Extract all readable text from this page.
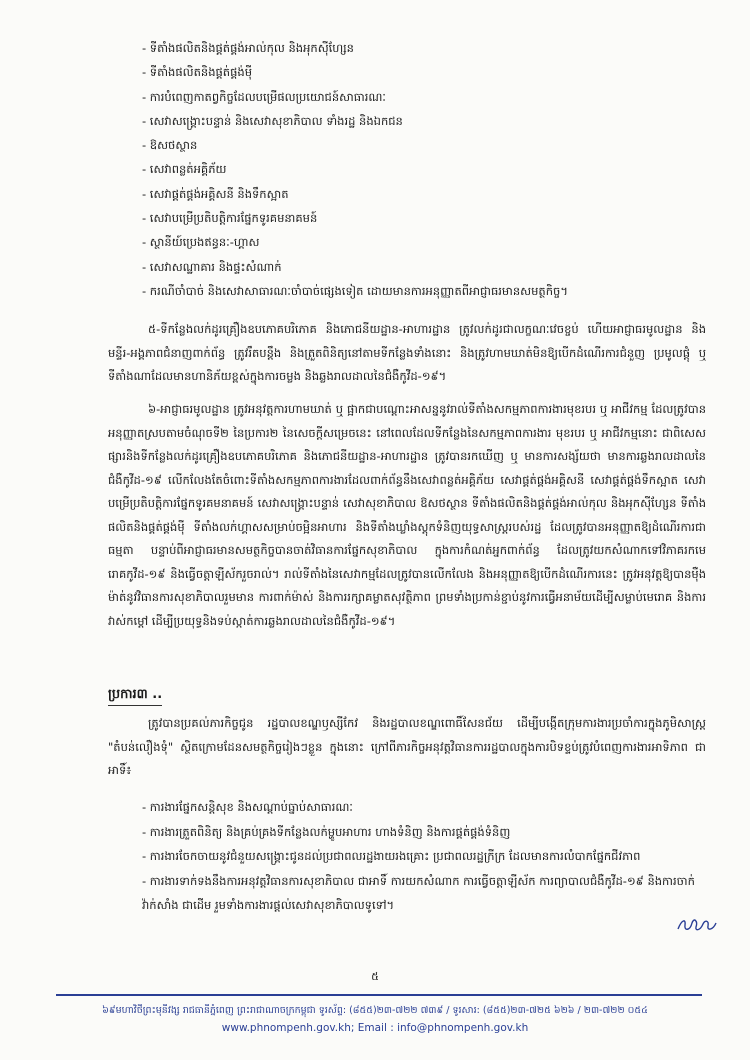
- ទីតាំងផលិតនិងផ្គត់ផ្គង់អាល់កុល និងអុកស៊ីហ្សែន
- ទីតាំងផលិតនិងផ្គត់ផ្គង់ម៉ី
- ការបំពេញកាតព្វកិច្ចដែលបម្រើផលប្រយោជន៍សាធារណៈ
- សេវាសង្គ្រោះបន្ទាន់ និងសេវាសុខាភិបាល ទាំងរដ្ឋ និងឯកជន
- ឱសថស្ថាន
- សេវាពន្លត់អគ្គិភ័យ
- សេវាផ្គត់ផ្គង់អគ្គិសនី និងទឹកស្អាត
- សេវាបម្រើប្រតិបត្តិការផ្នែកទូរគមនាគមន៍
- ស្ថានីយ៍ប្រេងឥន្ធនៈ-ហ្គាស
- សេវាសណ្ឋាគារ និងផ្ទះសំណាក់
- ករណីចាំបាច់ និងសេវាសាធារណៈចាំបាច់ផ្សេងទៀត ដោយមានការអនុញ្ញាតពីអាជ្ញាធរមានសមត្ថកិច្ច។
៥-ទីកន្លែងលក់ដូរគ្រឿងឧបភោគបរិភោគ និងភោជនីយដ្ឋាន-អាហារដ្ឋាន ត្រូវលក់ដូរជាលក្ខណៈវេចខ្ចប់ ហើយអាជ្ញាធរមូលដ្ឋាន និងមន្ទីរ-អង្គភាពជំនាញពាក់ព័ន្ធ ត្រូវរឹតបន្តឹង និងត្រួតពិនិត្យនៅតាមទីកន្លែងទាំងនោះ និងត្រូវហាមឃាត់មិនឱ្យបើកដំណើរការជំនួញ ប្រមូលផ្តុំ ឬ ទីតាំងណាដែលមានហានិភ័យខ្ពស់ក្នុងការចម្លង និងឆ្លងរាលដាលនៃជំងឺកូវីដ-១៩។
៦-អាជ្ញាធរមូលដ្ឋាន ត្រូវអនុវត្តការហាមឃាត់ ឬ ផ្អាកជាបណ្តោះអាសន្ននូវរាល់ទីតាំងសកម្មភាពការងារមុខរបរ ឬ អាជីវកម្ម ដែលត្រូវបានអនុញ្ញាតស្របតាមចំណុចទី២ នៃប្រការ២ នៃសេចក្តីសម្រេចនេះ នៅពេលដែលទីកន្លែងនៃសកម្មភាពការងារ មុខរបរ ឬ អាជីវកម្មនោះ ជាពិសេសផ្សារនិងទីកន្លែងលក់ដូរគ្រឿងឧបភោគបរិភោគ និងភោជនីយដ្ឋាន-អាហារដ្ឋាន ត្រូវបានរកឃើញ ឬ មានការសង្ស័យថា មានការឆ្លងរាលដាលនៃជំងឺកូវីដ-១៩ លើកលែងតែចំពោះទីតាំងសកម្មភាពការងារដែលពាក់ព័ន្ធនឹងសេវាពន្លត់អគ្គិភ័យ សេវាផ្គត់ផ្គង់អគ្គិសនី សេវាផ្គត់ផ្គង់ទឹកស្អាត សេវាបម្រើប្រតិបត្តិការផ្នែកទូរគមនាគមន៍ សេវាសង្គ្រោះបន្ទាន់ សេវាសុខាភិបាល ឱសថស្ថាន ទីតាំងផលិតនិងផ្គត់ផ្គង់អាល់កុល និងអុកស៊ីហ្សែន ទីតាំងផលិតនិងផ្គត់ផ្គង់ម៉ី ទីតាំងលក់ហ្គាសសម្រាប់ចម្អិនអាហារ និងទីតាំងឃ្លាំងស្តុកទំនិញយុទ្ធសាស្ត្ររបស់រដ្ឋ ដែលត្រូវបានអនុញ្ញាតឱ្យដំណើរការជាធម្មតា បន្ទាប់ពីអាជ្ញាធរមានសមត្ថកិច្ចបានចាត់វិធានការផ្នែកសុខាភិបាល ក្នុងការកំណត់អ្នកពាក់ព័ន្ធ ដែលត្រូវយកសំណាកទៅវិភាគរកមេរោគកូវីដ-១៩ និងធ្វើចត្តាឡីស័ករួចរាល់។ រាល់ទីតាំងនៃសេវាកម្មដែលត្រូវបានលើកលែង និងអនុញ្ញាតឱ្យបើកដំណើរការនេះ ត្រូវអនុវត្តឱ្យបានម៉ឺងម៉ាត់នូវវិធានការសុខាភិបាលរួមមាន ការពាក់ម៉ាស់ និងការរក្សាគម្លាតសុវត្ថិភាព ព្រមទាំងប្រកាន់ខ្ជាប់នូវការធ្វើអនាម័យដើម្បីសម្លាប់មេរោគ និងការវាស់កម្តៅ ដើម្បីប្រយុទ្ធនិងទប់ស្កាត់ការឆ្លងរាលដាលនៃជំងឺកូវីដ-១៩។
ប្រការ៣ ..
ត្រូវបានប្រគល់ភារកិច្ចជូន រដ្ឋបាលខណ្ឌឫស្សីកែវ និងរដ្ឋបាលខណ្ឌពោធិ៍សែនជ័យ ដើម្បីបង្កើតក្រុមការងារប្រចាំការក្នុងភូមិសាស្ត្រ "តំបន់លឿងទុំ" ស្ថិតក្រោមដែនសមត្ថកិច្ចរៀងៗខ្លួន ក្នុងនោះ ក្រៅពីភារកិច្ចអនុវត្តវិធានការរដ្ឋបាលក្នុងការបិទខ្ទប់ត្រូវបំពេញការងារអាទិភាព ជាអាទិ៍៖
- ការងារផ្នែកសន្តិសុខ និងសណ្តាប់ធ្នាប់សាធារណៈ
- ការងារត្រួតពិនិត្យ និងគ្រប់គ្រងទីកន្លែងលក់ម្ហូបអាហារ ហាងទំនិញ និងការផ្គត់ផ្គង់ទំនិញ
- ការងារចែកចាយនូវជំនួយសង្គ្រោះជូនដល់ប្រជាពលរដ្ឋងាយរងគ្រោះ ប្រជាពលរដ្ឋក្រីក្រ ដែលមានការលំបាកផ្នែកជីវភាព
- ការងារទាក់ទងនឹងការអនុវត្តវិធានការសុខាភិបាល ជាអាទិ៍ ការយកសំណាក ការធ្វើចត្តាឡីស័ក ការព្យាបាលជំងឺកូវីដ-១៩ និងការចាក់វ៉ាក់សាំង ជាដើម រួមទាំងការងារផ្តល់សេវាសុខាភិបាលទូទៅ។
៥
៦៩មហាវិថីព្រះមុនីវង្ស រាជធានីភ្នំពេញ ព្រះរាជាណាចក្រកម្ពុជា ទូរស័ព្ទ: (៨៥៥)២៣-៧២២ ៧៣៩ / ទូរសារ: (៨៥៥)២៣-៧២៥ ៦២៦ / ២៣-៧២២ ០៥៤
www.phnompenh.gov.kh; Email : info@phnompenh.gov.kh
